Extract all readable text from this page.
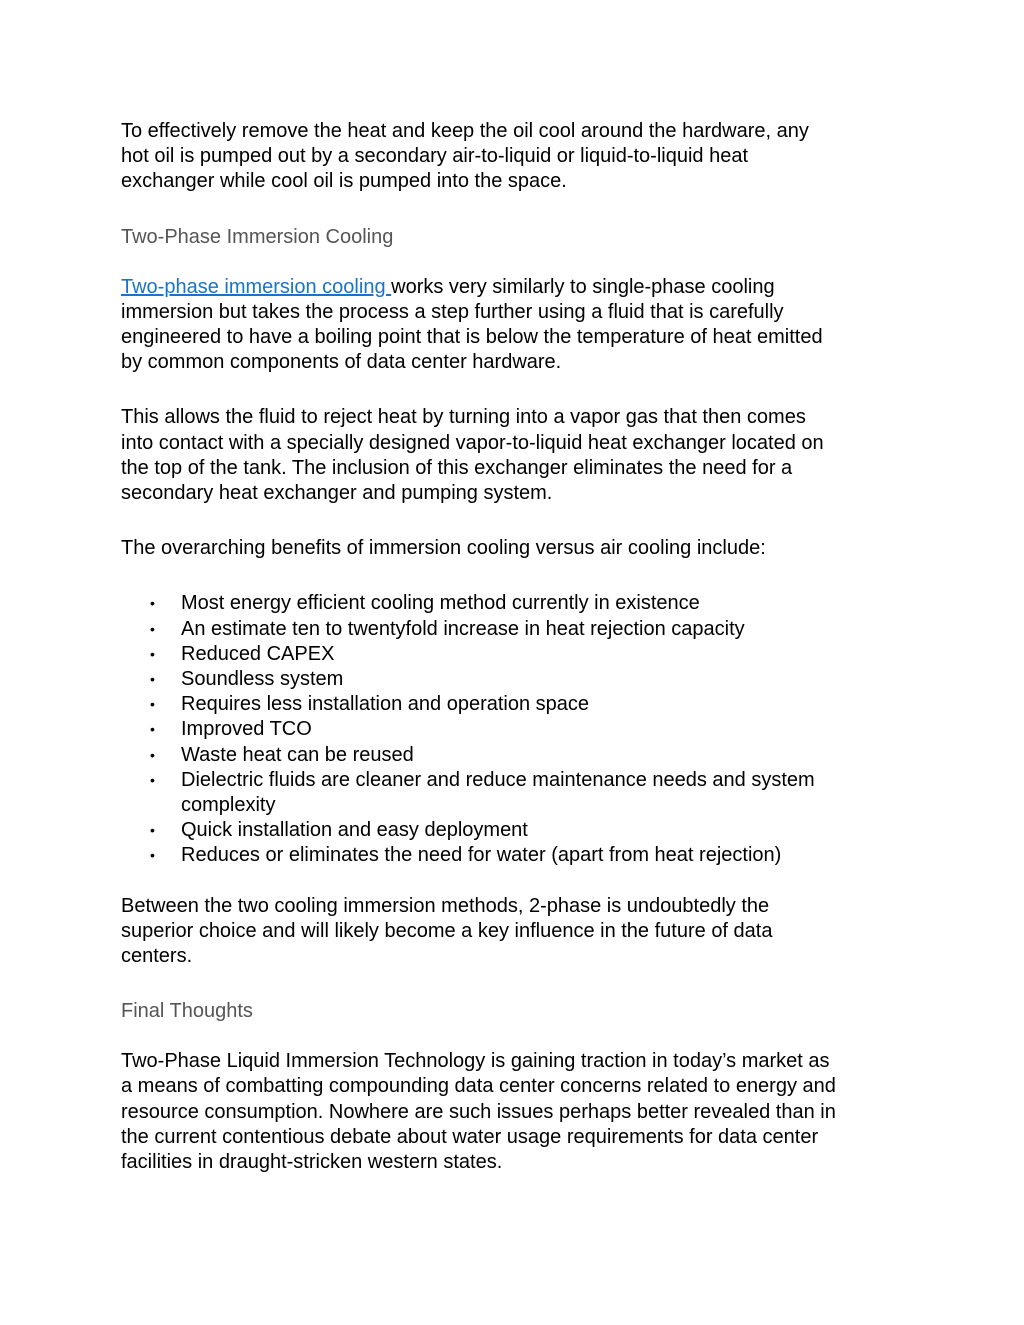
To effectively remove the heat and keep the oil cool around the hardware, any
hot oil is pumped out by a secondary air-to-liquid or liquid-to-liquid heat
exchanger while cool oil is pumped into the space.

Two-Phase Immersion Cooling

Two-phase immersion cooling works very similarly to single-phase cooling
immersion but takes the process a step further using a fluid that is carefully
engineered to have a boiling point that is below the temperature of heat emitted
by common components of data center hardware.

This allows the fluid to reject heat by turning into a vapor gas that then comes
into contact with a specially designed vapor-to-liquid heat exchanger located on
the top of the tank. The inclusion of this exchanger eliminates the need for a
secondary heat exchanger and pumping system.

The overarching benefits of immersion cooling versus air cooling include:

• Most energy efficient cooling method currently in existence
• An estimate ten to twentyfold increase in heat rejection capacity
• Reduced CAPEX
• Soundless system
• Requires less installation and operation space
• Improved TCO
• Waste heat can be reused
• Dielectric fluids are cleaner and reduce maintenance needs and system
complexity
• Quick installation and easy deployment
• Reduces or eliminates the need for water (apart from heat rejection)

Between the two cooling immersion methods, 2-phase is undoubtedly the
superior choice and will likely become a key influence in the future of data
centers.

Final Thoughts

Two-Phase Liquid Immersion Technology is gaining traction in today’s market as
a means of combatting compounding data center concerns related to energy and
resource consumption. Nowhere are such issues perhaps better revealed than in
the current contentious debate about water usage requirements for data center
facilities in draught-stricken western states.
